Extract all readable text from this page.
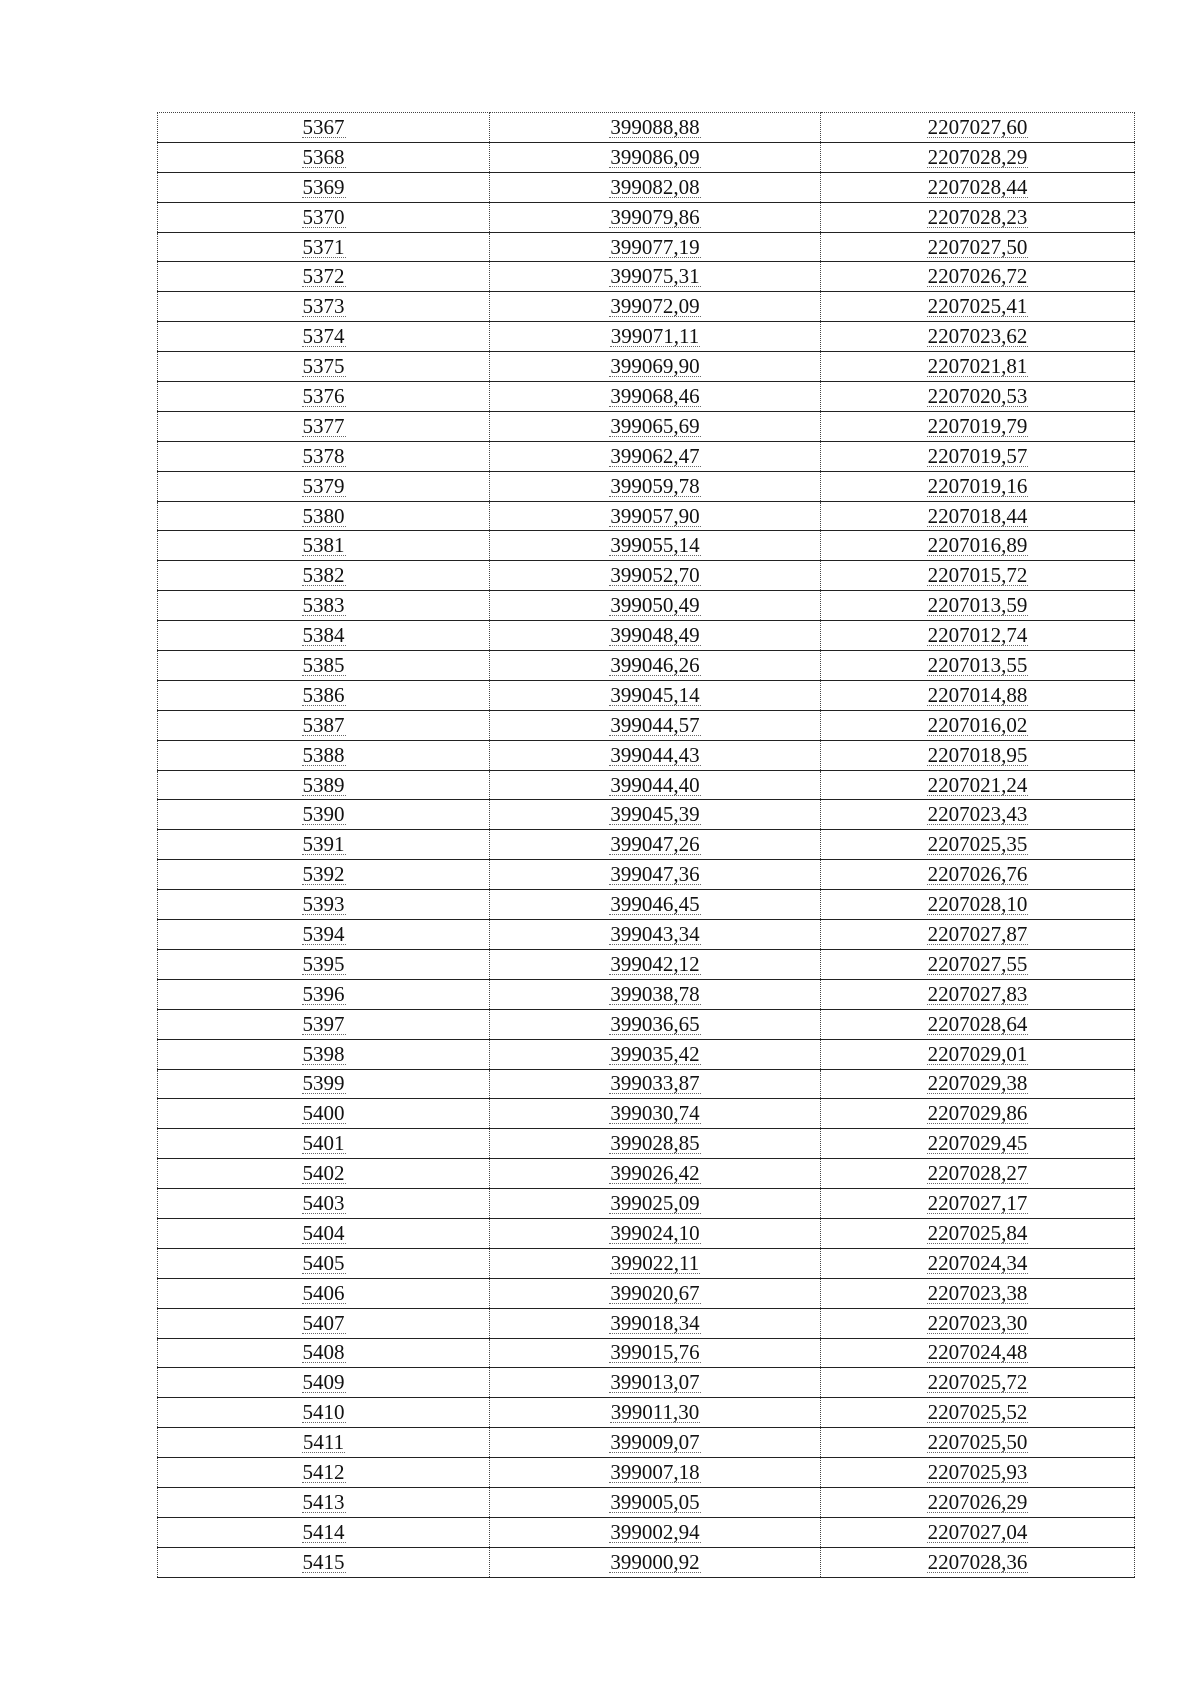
5367	399088,88	2207027,60
5368	399086,09	2207028,29
5369	399082,08	2207028,44
5370	399079,86	2207028,23
5371	399077,19	2207027,50
5372	399075,31	2207026,72
5373	399072,09	2207025,41
5374	399071,11	2207023,62
5375	399069,90	2207021,81
5376	399068,46	2207020,53
5377	399065,69	2207019,79
5378	399062,47	2207019,57
5379	399059,78	2207019,16
5380	399057,90	2207018,44
5381	399055,14	2207016,89
5382	399052,70	2207015,72
5383	399050,49	2207013,59
5384	399048,49	2207012,74
5385	399046,26	2207013,55
5386	399045,14	2207014,88
5387	399044,57	2207016,02
5388	399044,43	2207018,95
5389	399044,40	2207021,24
5390	399045,39	2207023,43
5391	399047,26	2207025,35
5392	399047,36	2207026,76
5393	399046,45	2207028,10
5394	399043,34	2207027,87
5395	399042,12	2207027,55
5396	399038,78	2207027,83
5397	399036,65	2207028,64
5398	399035,42	2207029,01
5399	399033,87	2207029,38
5400	399030,74	2207029,86
5401	399028,85	2207029,45
5402	399026,42	2207028,27
5403	399025,09	2207027,17
5404	399024,10	2207025,84
5405	399022,11	2207024,34
5406	399020,67	2207023,38
5407	399018,34	2207023,30
5408	399015,76	2207024,48
5409	399013,07	2207025,72
5410	399011,30	2207025,52
5411	399009,07	2207025,50
5412	399007,18	2207025,93
5413	399005,05	2207026,29
5414	399002,94	2207027,04
5415	399000,92	2207028,36
